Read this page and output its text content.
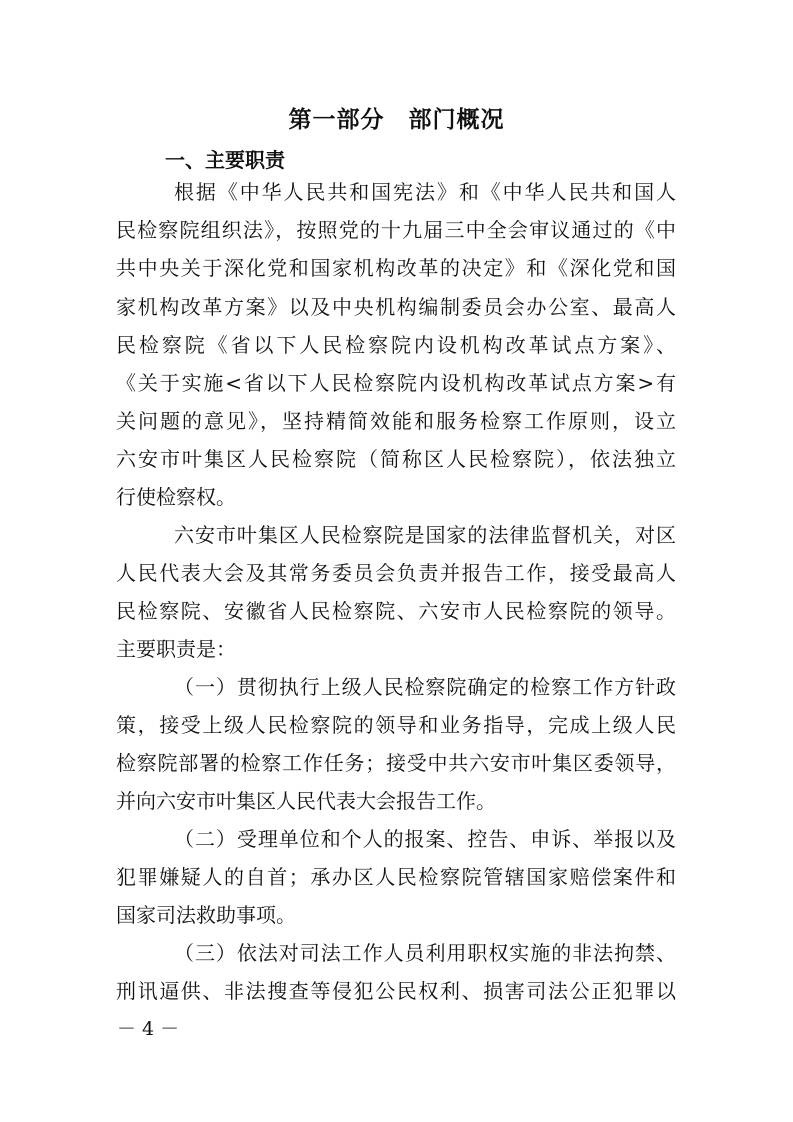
第一部分　部门概况
一、主要职责
根据《中华人民共和国宪法》和《中华人民共和国人
民检察院组织法》，按照党的十九届三中全会审议通过的《中
共中央关于深化党和国家机构改革的决定》和《深化党和国
家机构改革方案》以及中央机构编制委员会办公室、最高人
民检察院《省以下人民检察院内设机构改革试点方案》、
《关于实施<省以下人民检察院内设机构改革试点方案>有
关问题的意见》，坚持精简效能和服务检察工作原则，设立
六安市叶集区人民检察院（简称区人民检察院），依法独立
行使检察权。
六安市叶集区人民检察院是国家的法律监督机关，对区
人民代表大会及其常务委员会负责并报告工作，接受最高人
民检察院、安徽省人民检察院、六安市人民检察院的领导。
主要职责是：
（一）贯彻执行上级人民检察院确定的检察工作方针政
策，接受上级人民检察院的领导和业务指导，完成上级人民
检察院部署的检察工作任务；接受中共六安市叶集区委领导，
并向六安市叶集区人民代表大会报告工作。
（二）受理单位和个人的报案、控告、申诉、举报以及
犯罪嫌疑人的自首；承办区人民检察院管辖国家赔偿案件和
国家司法救助事项。
（三）依法对司法工作人员利用职权实施的非法拘禁、
刑讯逼供、非法搜查等侵犯公民权利、损害司法公正犯罪以
－ 4 －
